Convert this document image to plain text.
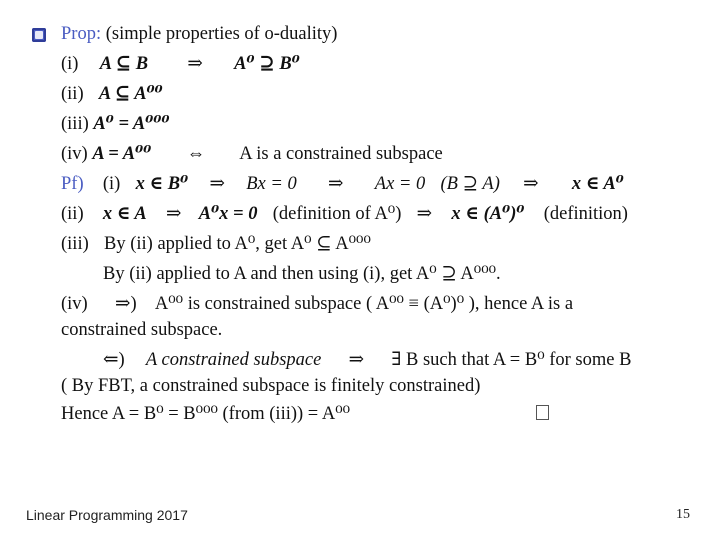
Prop: (simple properties of o-duality)
(i) A ⊆ B ⇒ A⁰ ⊇ B⁰
(ii) A ⊆ A⁰⁰
(iii) A⁰ = A⁰⁰⁰
(iv) A = A⁰⁰ ⇔ A is a constrained subspace
Pf) (i) x ∈ B⁰ ⇒ Bx = 0 ⇒ Ax = 0 (B ⊇ A) ⇒ x ∈ A⁰
(ii) x ∈ A ⇒ A⁰x = 0 (definition of A⁰) ⇒ x ∈ (A⁰)⁰ (definition)
(iii) By (ii) applied to A⁰, get A⁰ ⊆ A⁰⁰⁰
By (ii) applied to A and then using (i), get A⁰ ⊇ A⁰⁰⁰.
(iv) ⇒) A⁰⁰ is constrained subspace ( A⁰⁰ ≡ (A⁰)⁰ ), hence A is a
constrained subspace.
⇐) A constrained subspace ⇒ ∃ B such that A = B⁰ for some B
( By FBT, a constrained subspace is finitely constrained)
Hence A = B⁰ = B⁰⁰⁰ (from (iii)) = A⁰⁰
Linear Programming 2017	15
